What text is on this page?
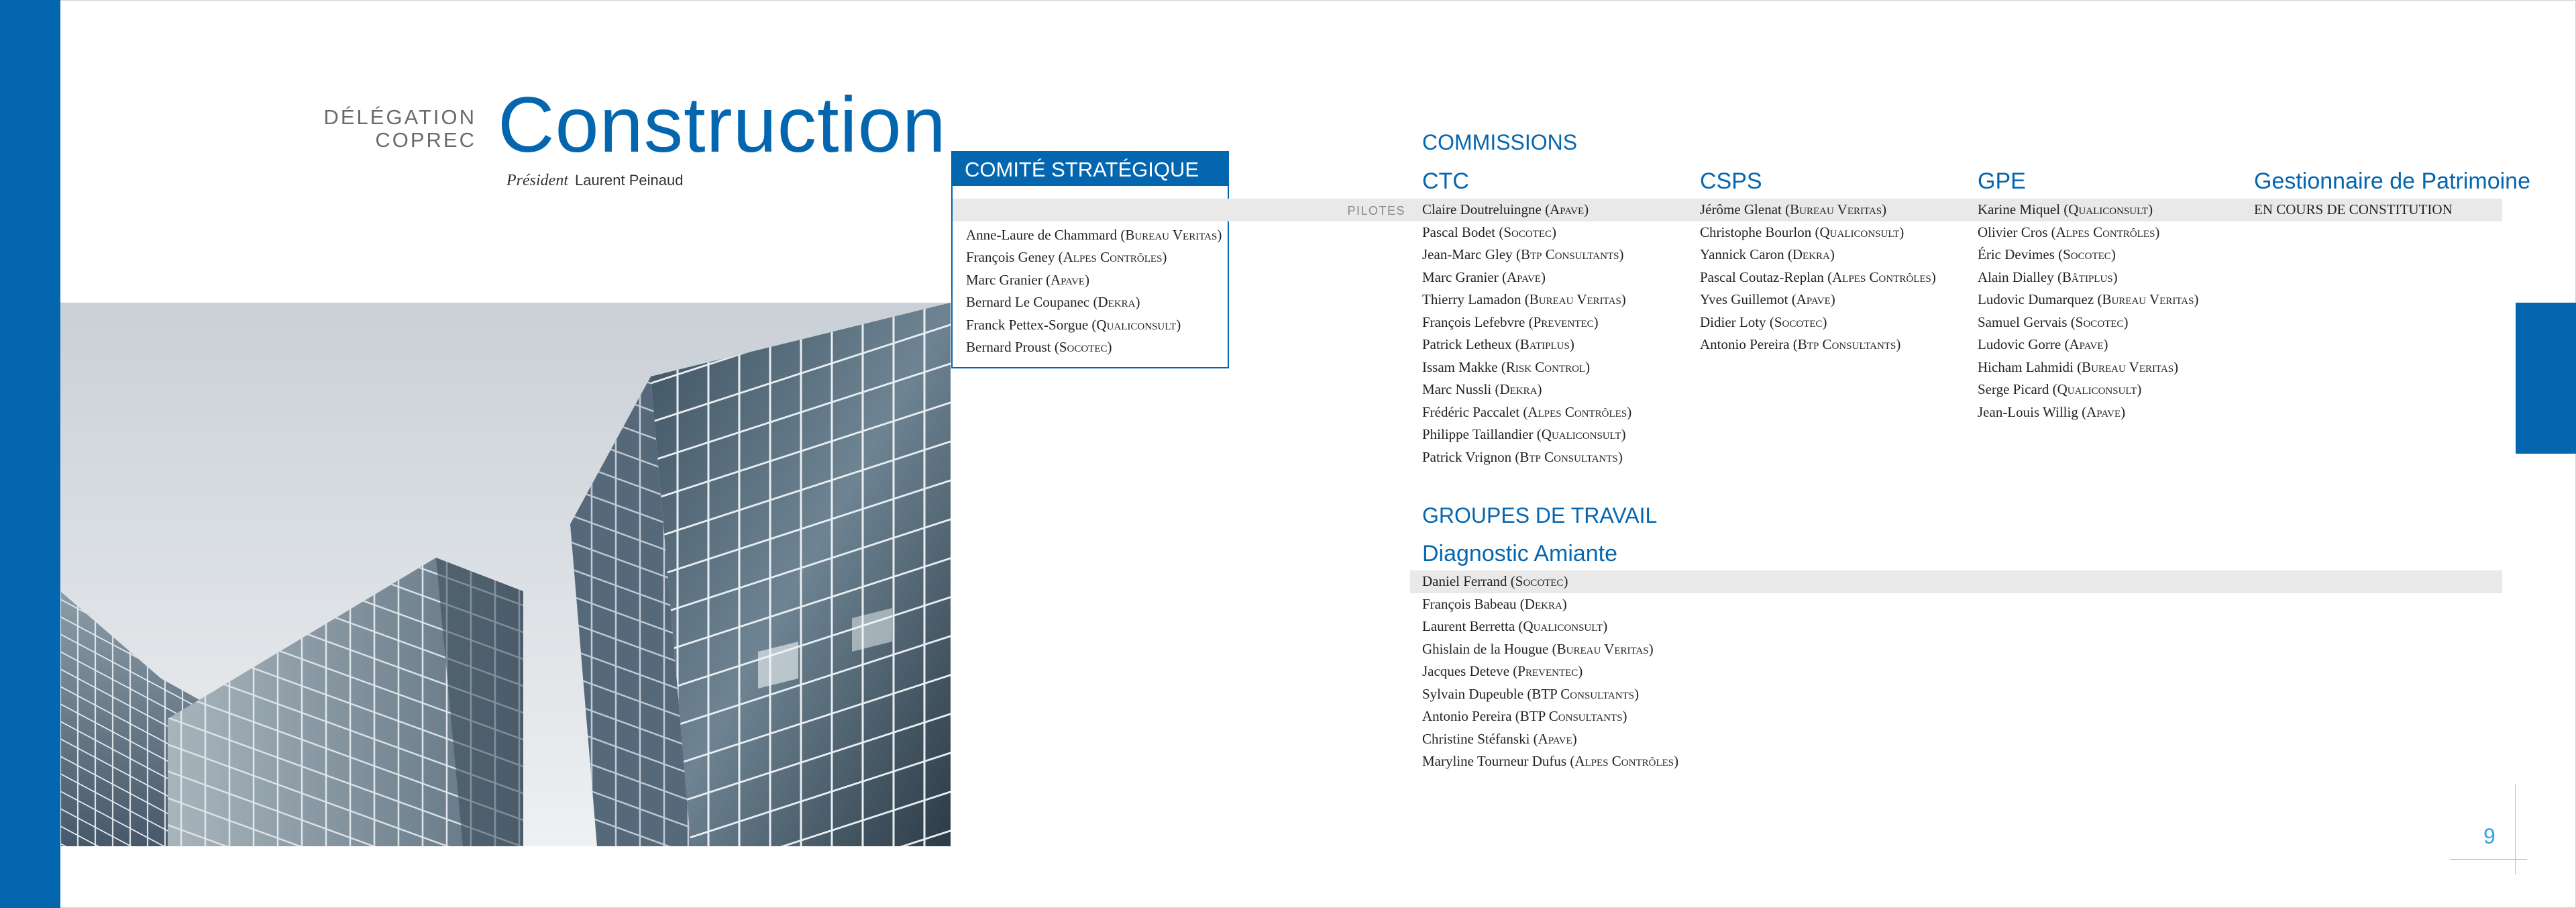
DÉLÉGATION
COPREC Construction
Président Laurent Peinaud	COMITÉ STRATÉGIQUE
Anne-Laure de Chammard (Bureau Veritas)
François Geney (Alpes Contrôles)
Marc Granier (Apave)
Bernard Le Coupanec (Dekra)
Franck Pettex-Sorgue (Qualiconsult)
Bernard Proust (Socotec)
PILOTES
COMMISSIONS
CTC
Claire Doutreluingne (Apave)
Pascal Bodet (Socotec)
Jean-Marc Gley (Btp Consultants)
Marc Granier (Apave)
Thierry Lamadon (Bureau Veritas)
François Lefebvre (Preventec)
Patrick Letheux (Batiplus)
Issam Makke (Risk Control)
Marc Nussli (Dekra)
Frédéric Paccalet (Alpes Contrôles)
Philippe Taillandier (Qualiconsult)
Patrick Vrignon (Btp Consultants)
CSPS
Jérôme Glenat (Bureau Veritas)
Christophe Bourlon (Qualiconsult)
Yannick Caron (Dekra)
Pascal Coutaz-Replan (Alpes Contrôles)
Yves Guillemot (Apave)
Didier Loty (Socotec)
Antonio Pereira (Btp Consultants)
GPE
Karine Miquel (Qualiconsult)
Olivier Cros (Alpes Contrôles)
Éric Devimes (Socotec)
Alain Dialley (Bâtiplus)
Ludovic Dumarquez (Bureau Veritas)
Samuel Gervais (Socotec)
Ludovic Gorre (Apave)
Hicham Lahmidi (Bureau Veritas)
Serge Picard (Qualiconsult)
Jean-Louis Willig (Apave)
Gestionnaire de Patrimoine
EN COURS DE CONSTITUTION
GROUPES DE TRAVAIL
Diagnostic Amiante
Daniel Ferrand (Socotec)
François Babeau (Dekra)
Laurent Berretta (Qualiconsult)
Ghislain de la Hougue (Bureau Veritas)
Jacques Deteve (Preventec)
Sylvain Dupeuble (BTP Consultants)
Antonio Pereira (BTP Consultants)
Christine Stéfanski (Apave)
Maryline Tourneur Dufus (Alpes Contrôles)
9
